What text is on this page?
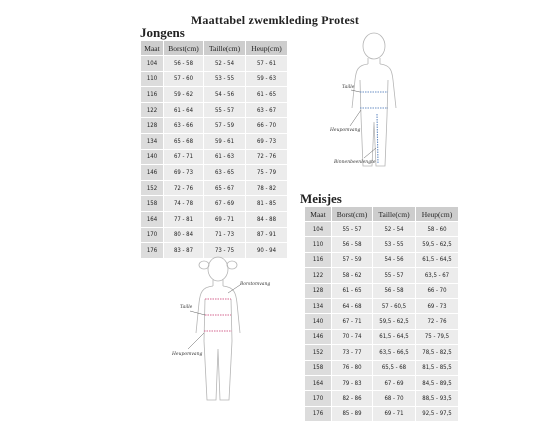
Maattabel zwemkleding Protest
Jongens
Maat	Borst(cm)	Taille(cm)	Heup(cm)
104	56 - 58	52 - 54	57 - 61
110	57 - 60	53 - 55	59 - 63
116	59 - 62	54 - 56	61 - 65
122	61 - 64	55 - 57	63 - 67
128	63 - 66	57 - 59	66 - 70
134	65 - 68	59 - 61	69 - 73
140	67 - 71	61 - 63	72 - 76
146	69 - 73	63 - 65	75 - 79
152	72 - 76	65 - 67	78 - 82
158	74 - 78	67 - 69	81 - 85
164	77 - 81	69 - 71	84 - 88
170	80 - 84	71 - 73	87 - 91
176	83 - 87	73 - 75	90 - 94
Meisjes
Maat	Borst(cm)	Taille(cm)	Heup(cm)
104	55 - 57	52 - 54	58 - 60
110	56 - 58	53 - 55	59,5 - 62,5
116	57 - 59	54 - 56	61,5 - 64,5
122	58 - 62	55 - 57	63,5 - 67
128	61 - 65	56 - 58	66 - 70
134	64 - 68	57 - 60,5	69 - 73
140	67 - 71	59,5 - 62,5	72 - 76
146	70 - 74	61,5 - 64,5	75 - 79,5
152	73 - 77	63,5 - 66,5	78,5 - 82,5
158	76 - 80	65,5 - 68	81,5 - 85,5
164	79 - 83	67 - 69	84,5 - 89,5
170	82 - 86	68 - 70	88,5 - 93,5
176	85 - 89	69 - 71	92,5 - 97,5
Taille
Heupomvang
Binnenbeenlengte
Borstomvang
Taille
Heupomvang
